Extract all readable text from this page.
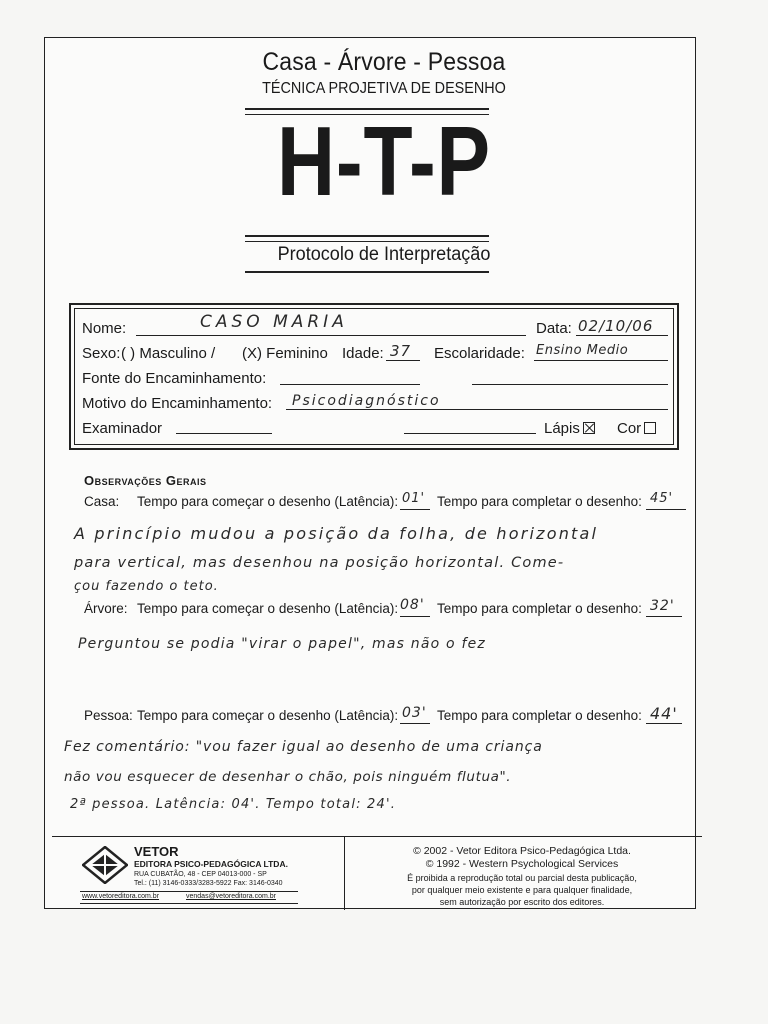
Casa - Árvore - Pessoa
TÉCNICA PROJETIVA DE DESENHO
H-T-P
Protocolo de Interpretação
Nome:	CASO MARIA	Data: 02/10/06
Sexo: ( ) Masculino / (X) Feminino Idade: 37 Escolaridade: Ensino Medio
Fonte do Encaminhamento:
Motivo do Encaminhamento: Psicodiagnóstico
Examinador	Lápis	Cor
Observações Gerais
Casa: Tempo para começar o desenho (Latência): 01' Tempo para completar o desenho: 45'
A princípio mudou a posição da folha, de horizontal
para vertical, mas desenhou na posição horizontal. Come-
çou fazendo o teto.
Árvore: Tempo para começar o desenho (Latência): 08' Tempo para completar o desenho: 32'
Perguntou se podia "virar o papel", mas não o fez
Pessoa: Tempo para começar o desenho (Latência): 03' Tempo para completar o desenho: 44'
Fez comentário: "vou fazer igual ao desenho de uma criança
não vou esquecer de desenhar o chão, pois ninguém flutua".
2ª pessoa. Latência: 04'. Tempo total: 24'.
VETOR
EDITORA PSICO-PEDAGÓGICA LTDA.
RUA CUBATÃO, 48 - CEP 04013-000 - SP
Tel.: (11) 3146-0333/3283-5922 Fax: 3146-0340
www.vetoreditora.com.br	vendas@vetoreditora.com.br
© 2002 - Vetor Editora Psico-Pedagógica Ltda.
© 1992 - Western Psychological Services
É proibida a reprodução total ou parcial desta publicação,
por qualquer meio existente e para qualquer finalidade,
sem autorização por escrito dos editores.
